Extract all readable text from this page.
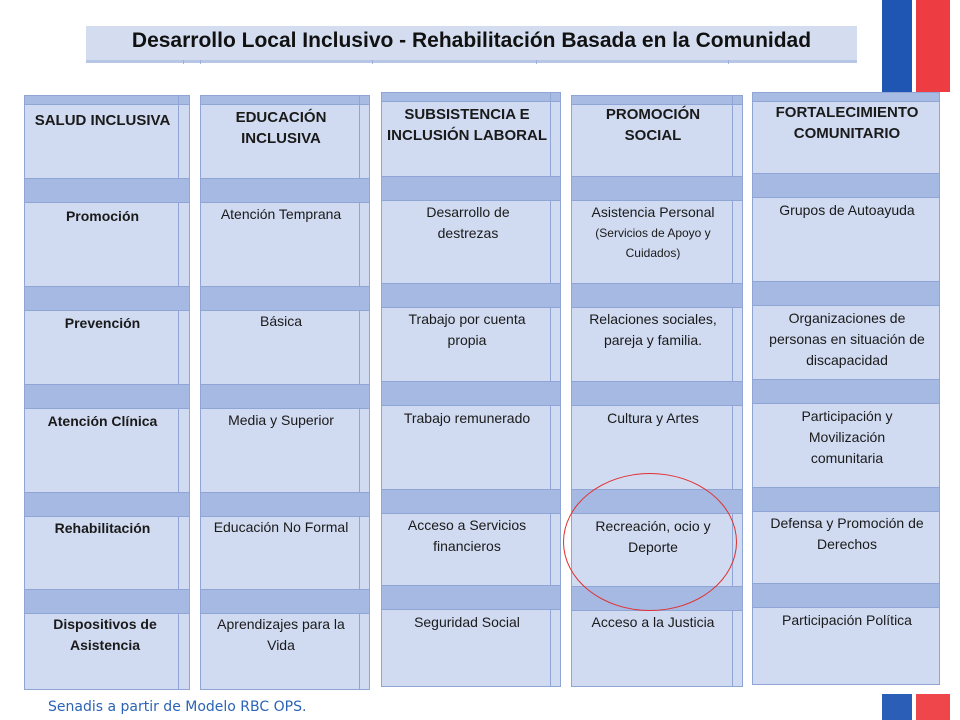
Desarrollo Local Inclusivo - Rehabilitación Basada en la Comunidad
SALUD INCLUSIVA
Promoción
Prevención
Atención Clínica
Rehabilitación
Dispositivos de Asistencia
EDUCACIÓN INCLUSIVA
Atención Temprana
Básica
Media y Superior
Educación No Formal
Aprendizajes para la Vida
SUBSISTENCIA E INCLUSIÓN LABORAL
Desarrollo de destrezas
Trabajo por cuenta propia
Trabajo remunerado
Acceso a Servicios financieros
Seguridad Social
PROMOCIÓN SOCIAL
Asistencia Personal
(Servicios de Apoyo y Cuidados)
Relaciones sociales, pareja y familia.
Cultura y Artes
Recreación, ocio y Deporte
Acceso a la Justicia
FORTALECIMIENTO COMUNITARIO
Grupos de Autoayuda
Organizaciones de personas en situación de discapacidad
Participación y Movilización comunitaria
Defensa y Promoción de Derechos
Participación Política
Senadis a partir de Modelo RBC OPS.
